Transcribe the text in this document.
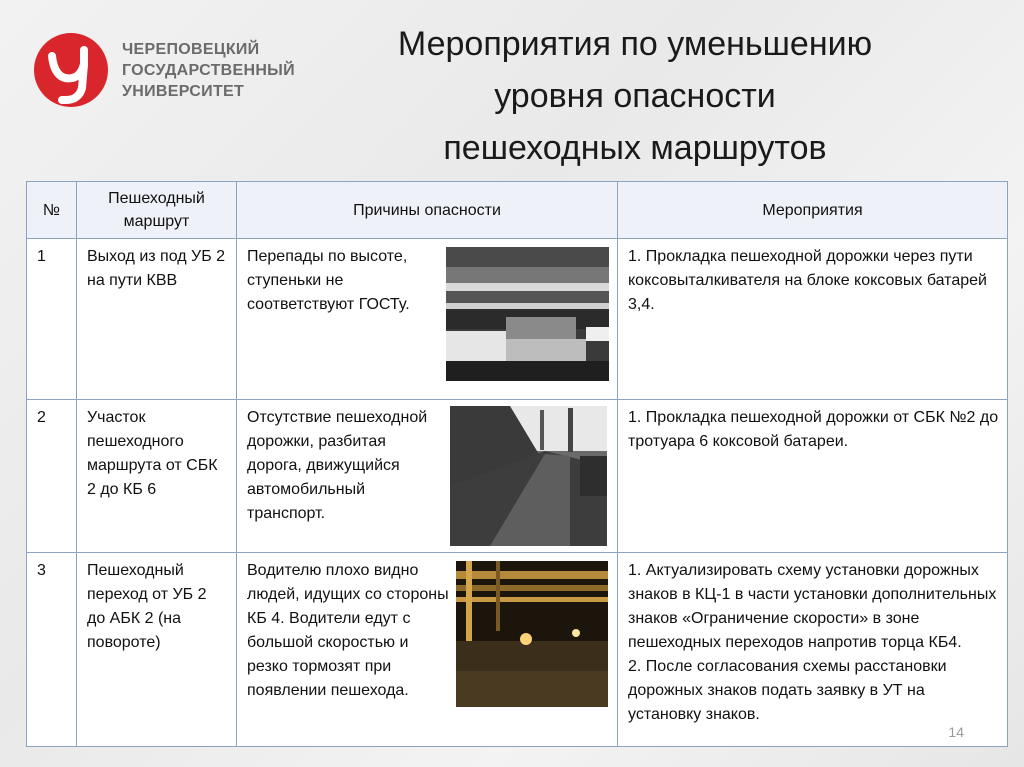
ЧЕРЕПОВЕЦКИЙ
ГОСУДАРСТВЕННЫЙ
УНИВЕРСИТЕТ
Мероприятия по уменьшению
уровня опасности
пешеходных маршрутов
№	Пешеходный маршрут	Причины опасности	Мероприятия
1	Выход из под УБ 2 на пути КВВ	Перепады по высоте, ступеньки не соответствуют ГОСТу.	1. Прокладка пешеходной дорожки через пути коксовыталкивателя на блоке коксовых батарей 3,4.

2	Участок пешеходного маршрута от СБК 2 до КБ 6	Отсутствие пешеходной дорожки, разбитая дорога, движущийся автомобильный транспорт.	1. Прокладка пешеходной дорожки от СБК №2 до тротуара 6 коксовой батареи.

3	Пешеходный переход от УБ 2 до АБК 2 (на повороте)	Водителю плохо видно людей, идущих со стороны КБ 4. Водители едут с большой скоростью и резко тормозят при появлении пешехода.	1. Актуализировать схему установки дорожных знаков в КЦ-1 в части установки дополнительных знаков «Ограничение скорости» в зоне пешеходных переходов напротив торца КБ4.
2. После согласования схемы расстановки дорожных знаков подать заявку в УТ на установку знаков.
14
